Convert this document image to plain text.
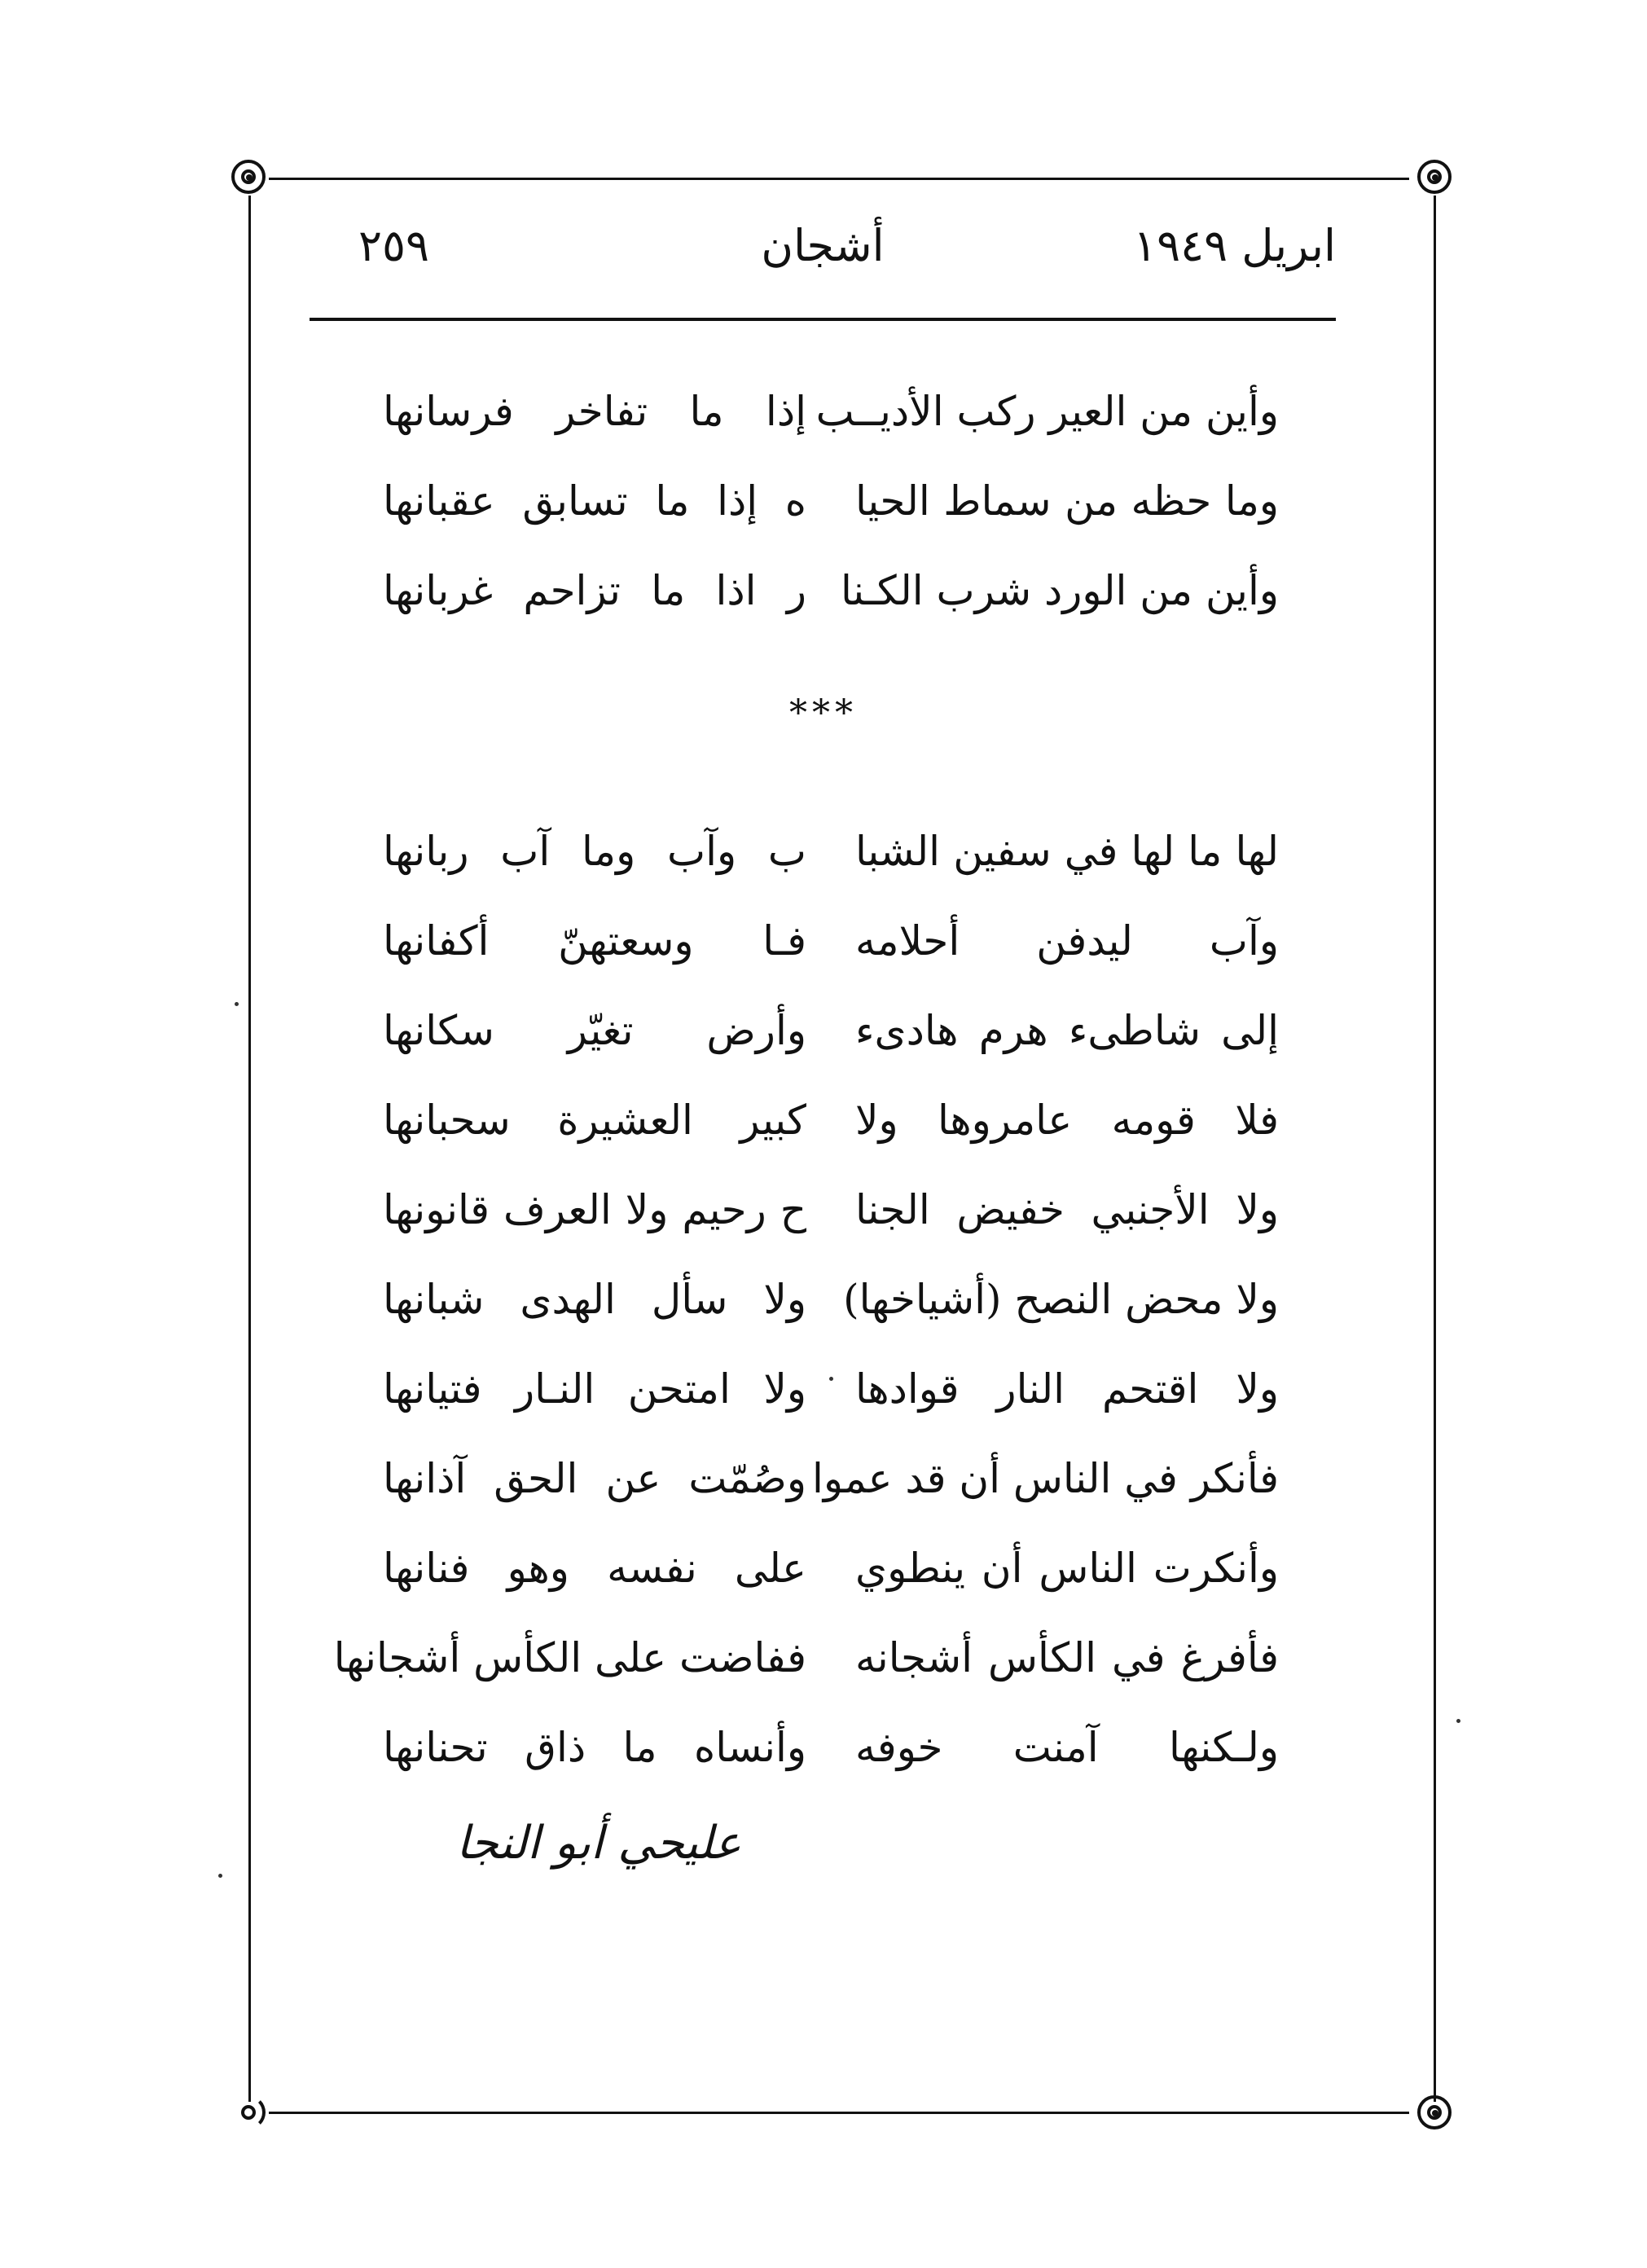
ابريل ١٩٤٩
أشجان
٢٥٩
وأين من العير ركب الأديــب
إذا ما تفاخر فرسانها
وما حظه من سماط الحيا
ه إذا ما تسابق عقبانها
وأين من الورد شرب الكـنا
ر اذا ما تزاحم غربانها
***
لها ما لها في سفين الشبا
ب وآب وما آب ربانها
وآب ليدفن أحلامه
فـا وسعتهنّ أكفانها
إلى شاطىء هرم هادىء
وأرض تغيّر سكانها
فلا قومه عامروها ولا
كبير العشيرة سحبانها
ولا الأجنبي خفيض الجنا
ح رحيم ولا العرف قانونها
ولا محض النصح (أشياخها)
ولا سأل الهدى شبانها
ولا اقتحم النار قوادها
ولا امتحن النـار فتيانها
فأنكر في الناس أن قد عموا
وصُمّت عن الحق آذانها
وأنكرت الناس أن ينطوي
على نفسه وهو فنانها
فأفرغ في الكأس أشجانه
ففاضت على الكأس أشجانها
ولـكنها آمنت خوفه
وأنساه ما ذاق تحنانها
عليحي أبو النجا
